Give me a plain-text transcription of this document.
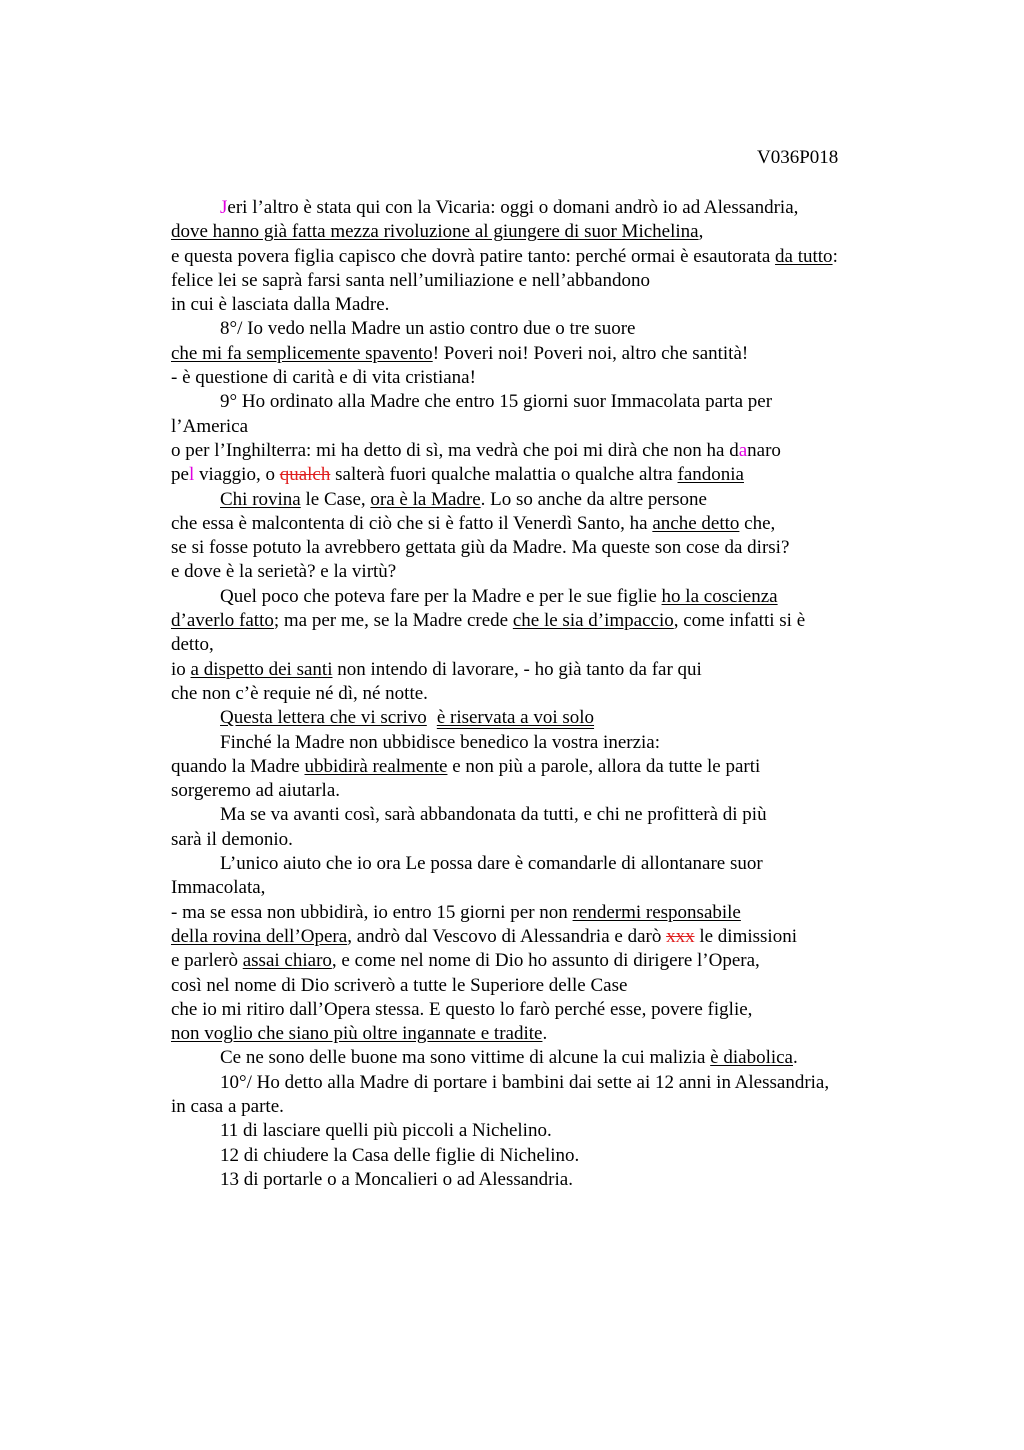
V036P018
Jeri l’altro è stata qui con la Vicaria: oggi o domani andrò io ad Alessandria,
dove hanno già fatta mezza rivoluzione al giungere di suor Michelina,
e questa povera figlia capisco che dovrà patire tanto: perché ormai è esautorata da tutto:
felice lei se saprà farsi santa nell’umiliazione e nell’abbandono
in cui è lasciata dalla Madre.
8°/ Io vedo nella Madre un astio contro due o tre suore
che mi fa semplicemente spavento! Poveri noi! Poveri noi, altro che santità!
- è questione di carità e di vita cristiana!
9° Ho ordinato alla Madre che entro 15 giorni suor Immacolata parta per
l’America
o per l’Inghilterra: mi ha detto di sì, ma vedrà che poi mi dirà che non ha danaro
pel viaggio, o qualch salterà fuori qualche malattia o qualche altra fandonia
Chi rovina le Case, ora è la Madre. Lo so anche da altre persone
che essa è malcontenta di ciò che si è fatto il Venerdì Santo, ha anche detto che,
se si fosse potuto la avrebbero gettata giù da Madre. Ma queste son cose da dirsi?
e dove è la serietà? e la virtù?
Quel poco che poteva fare per la Madre e per le sue figlie ho la coscienza
d’averlo fatto; ma per me, se la Madre crede che le sia d’impaccio, come infatti si è
detto,
io a dispetto dei santi non intendo di lavorare, - ho già tanto da far qui
che non c’è requie né dì, né notte.
Questa lettera che vi scrivo è riservata a voi solo
Finché la Madre non ubbidisce benedico la vostra inerzia:
quando la Madre ubbidirà realmente e non più a parole, allora da tutte le parti
sorgeremo ad aiutarla.
Ma se va avanti così, sarà abbandonata da tutti, e chi ne profitterà di più
sarà il demonio.
L’unico aiuto che io ora Le possa dare è comandarle di allontanare suor
Immacolata,
- ma se essa non ubbidirà, io entro 15 giorni per non rendermi responsabile
della rovina dell’Opera, andrò dal Vescovo di Alessandria e darò xxx le dimissioni
e parlerò assai chiaro, e come nel nome di Dio ho assunto di dirigere l’Opera,
così nel nome di Dio scriverò a tutte le Superiore delle Case
che io mi ritiro dall’Opera stessa. E questo lo farò perché esse, povere figlie,
non voglio che siano più oltre ingannate e tradite.
Ce ne sono delle buone ma sono vittime di alcune la cui malizia è diabolica.
10°/ Ho detto alla Madre di portare i bambini dai sette ai 12 anni in Alessandria,
in casa a parte.
11 di lasciare quelli più piccoli a Nichelino.
12 di chiudere la Casa delle figlie di Nichelino.
13 di portarle o a Moncalieri o ad Alessandria.
